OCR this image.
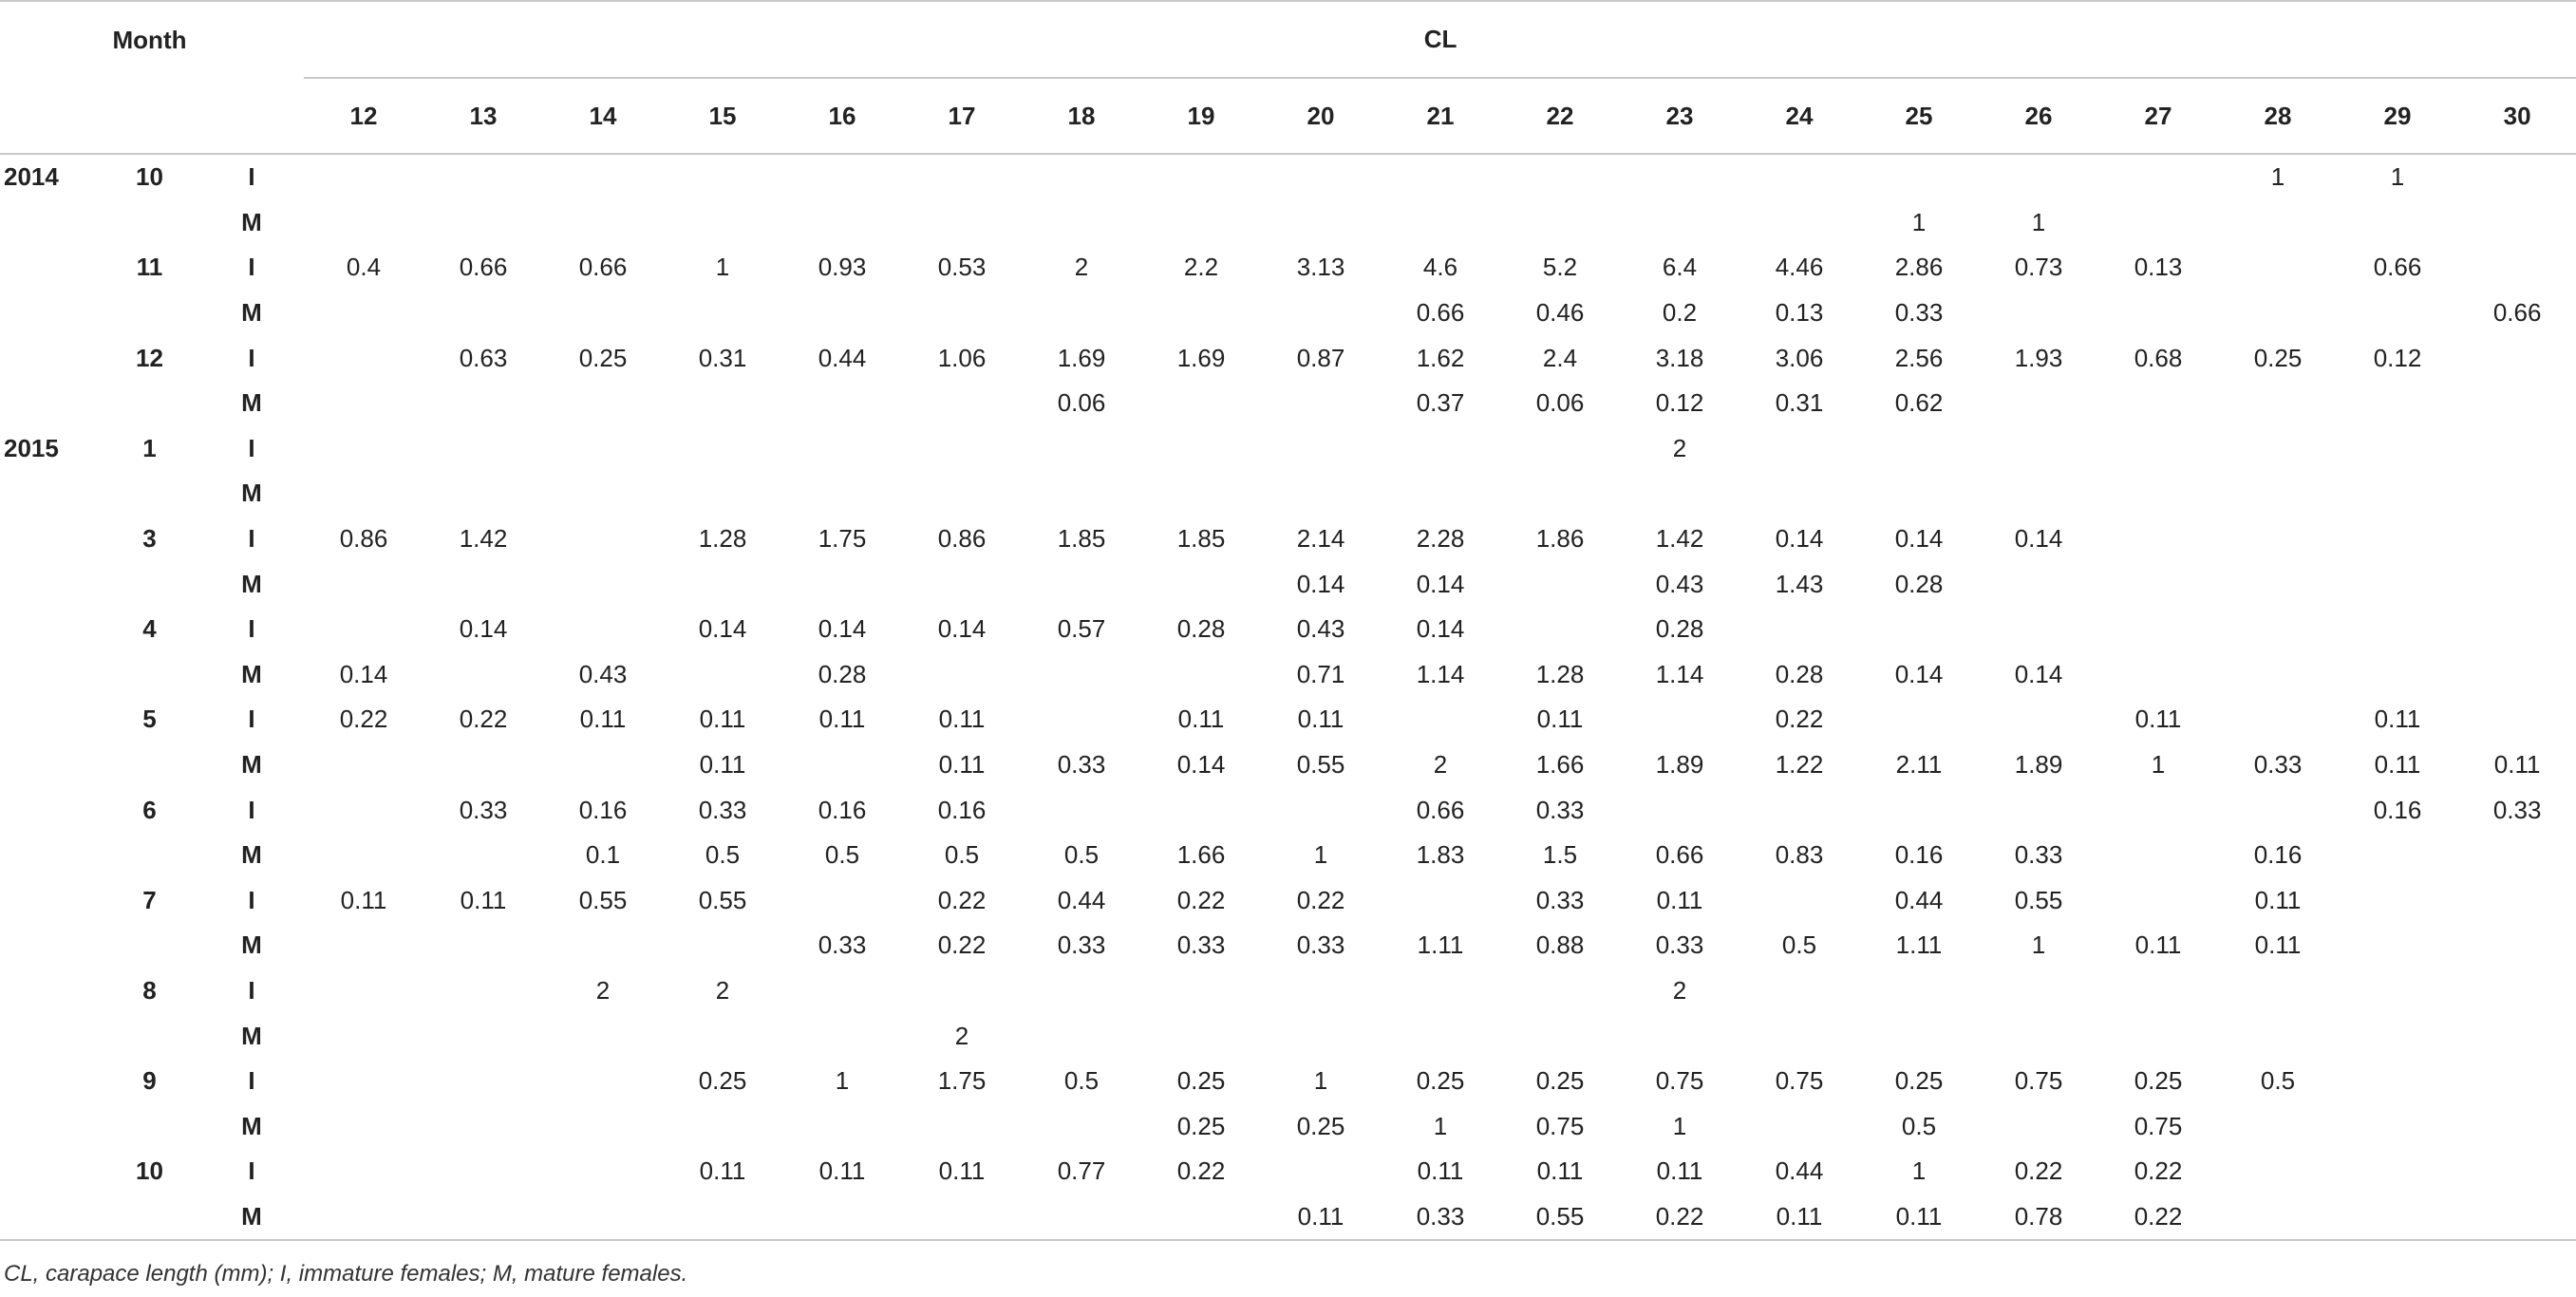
	Month		CL																		
			12	13	14	15	16	17	18	19	20	21	22	23	24	25	26	27	28	29	30
2014	10	I																	1	1	
		M														1	1				
	11	I	0.4	0.66	0.66	1	0.93	0.53	2	2.2	3.13	4.6	5.2	6.4	4.46	2.86	0.73	0.13		0.66	
		M										0.66	0.46	0.2	0.13	0.33					0.66
	12	I		0.63	0.25	0.31	0.44	1.06	1.69	1.69	0.87	1.62	2.4	3.18	3.06	2.56	1.93	0.68	0.25	0.12	
		M							0.06			0.37	0.06	0.12	0.31	0.62					
2015	1	I												2							
		M																			
	3	I	0.86	1.42		1.28	1.75	0.86	1.85	1.85	2.14	2.28	1.86	1.42	0.14	0.14	0.14				
		M									0.14	0.14		0.43	1.43	0.28					
	4	I		0.14		0.14	0.14	0.14	0.57	0.28	0.43	0.14		0.28							
		M	0.14		0.43		0.28				0.71	1.14	1.28	1.14	0.28	0.14	0.14				
	5	I	0.22	0.22	0.11	0.11	0.11	0.11		0.11	0.11		0.11		0.22			0.11		0.11	
		M				0.11		0.11	0.33	0.14	0.55	2	1.66	1.89	1.22	2.11	1.89	1	0.33	0.11	0.11
	6	I		0.33	0.16	0.33	0.16	0.16				0.66	0.33							0.16	0.33
		M			0.1	0.5	0.5	0.5	0.5	1.66	1	1.83	1.5	0.66	0.83	0.16	0.33		0.16		
	7	I	0.11	0.11	0.55	0.55		0.22	0.44	0.22	0.22		0.33	0.11		0.44	0.55		0.11		
		M					0.33	0.22	0.33	0.33	0.33	1.11	0.88	0.33	0.5	1.11	1	0.11	0.11		
	8	I			2	2								2							
		M						2													
	9	I				0.25	1	1.75	0.5	0.25	1	0.25	0.25	0.75	0.75	0.25	0.75	0.25	0.5		
		M								0.25	0.25	1	0.75	1		0.5		0.75			
	10	I				0.11	0.11	0.11	0.77	0.22		0.11	0.11	0.11	0.44	1	0.22	0.22			
		M									0.11	0.33	0.55	0.22	0.11	0.11	0.78	0.22			
CL, carapace length (mm); I, immature females; M, mature females.
